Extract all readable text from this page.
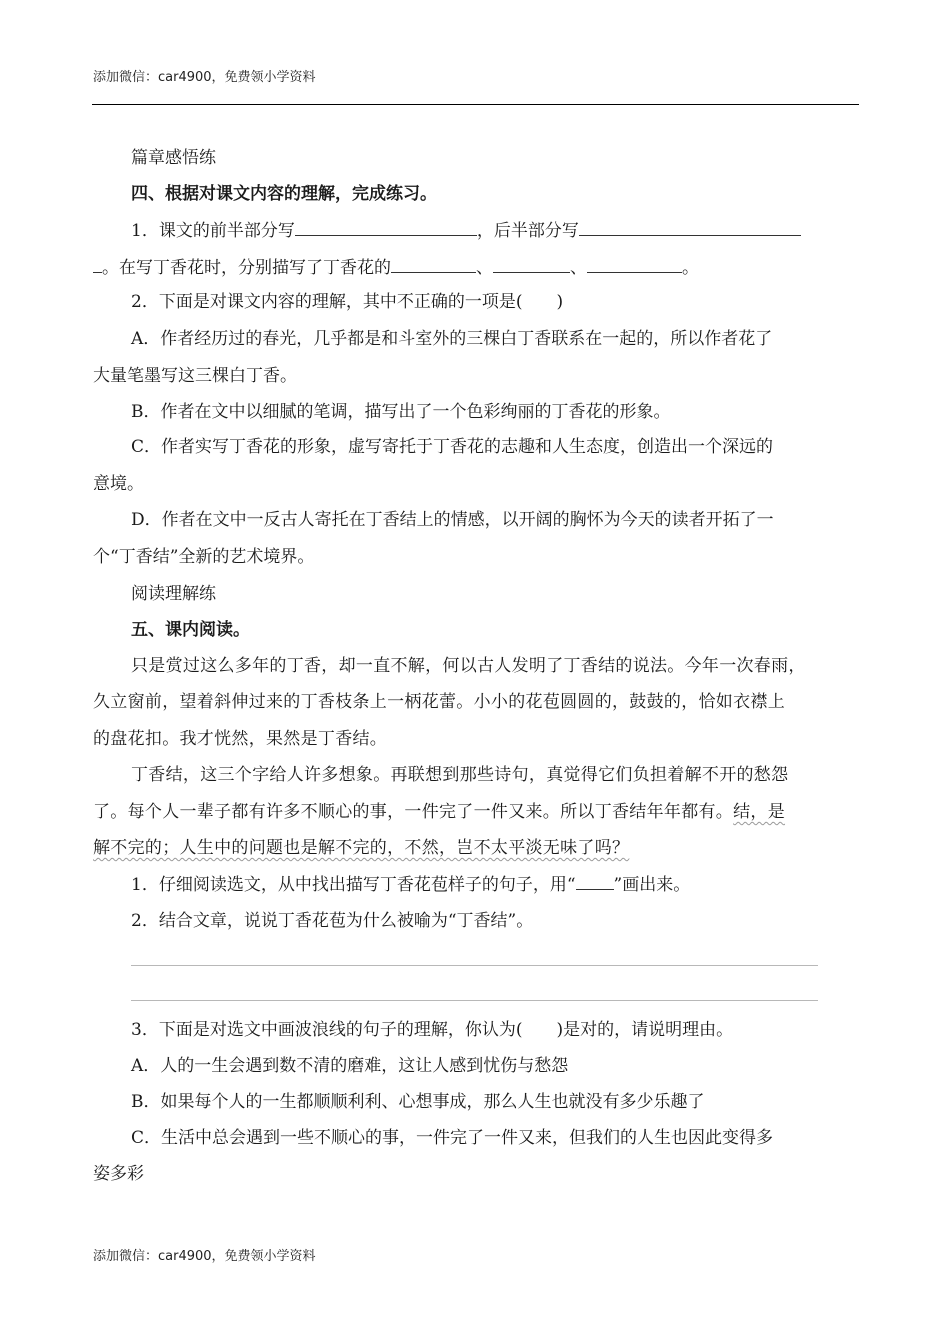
添加微信：car4900，免费领小学资料
篇章感悟练
四、根据对课文内容的理解，完成练习。
1．课文的前半部分写	，后半部分写
。在写丁香花时，分别描写了丁香花的	、	、	。
2．下面是对课文内容的理解，其中不正确的一项是(　　)
A．作者经历过的春光，几乎都是和斗室外的三棵白丁香联系在一起的，所以作者花了
大量笔墨写这三棵白丁香。
B．作者在文中以细腻的笔调，描写出了一个色彩绚丽的丁香花的形象。
C．作者实写丁香花的形象，虚写寄托于丁香花的志趣和人生态度，创造出一个深远的
意境。
D．作者在文中一反古人寄托在丁香结上的情感，以开阔的胸怀为今天的读者开拓了一
个“丁香结”全新的艺术境界。
阅读理解练
五、课内阅读。
只是赏过这么多年的丁香，却一直不解，何以古人发明了丁香结的说法。今年一次春雨，
久立窗前，望着斜伸过来的丁香枝条上一柄花蕾。小小的花苞圆圆的，鼓鼓的，恰如衣襟上
的盘花扣。我才恍然，果然是丁香结。
丁香结，这三个字给人许多想象。再联想到那些诗句，真觉得它们负担着解不开的愁怨
了。每个人一辈子都有许多不顺心的事，一件完了一件又来。所以丁香结年年都有。结，是
解不完的；人生中的问题也是解不完的，不然，岂不太平淡无味了吗？
1．仔细阅读选文，从中找出描写丁香花苞样子的句子，用“ ”画出来。
2．结合文章，说说丁香花苞为什么被喻为“丁香结”。
3．下面是对选文中画波浪线的句子的理解，你认为(　　)是对的，请说明理由。
A．人的一生会遇到数不清的磨难，这让人感到忧伤与愁怨
B．如果每个人的一生都顺顺利利、心想事成，那么人生也就没有多少乐趣了
C．生活中总会遇到一些不顺心的事，一件完了一件又来，但我们的人生也因此变得多
姿多彩
添加微信：car4900，免费领小学资料
